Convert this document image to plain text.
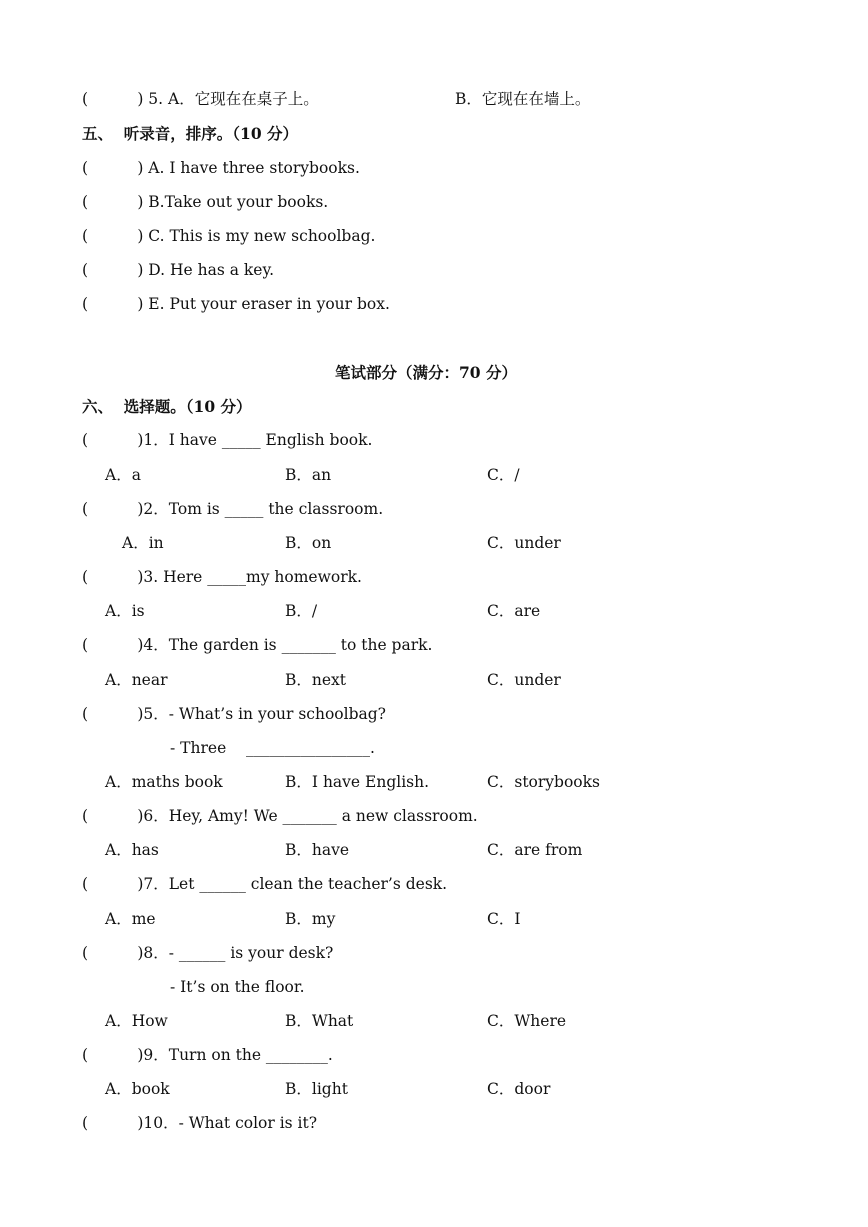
(          ) 5. A．它现在在桌子上。	B．它现在在墙上。
五、  听录音，排序。（10 分）
(          ) A. I have three storybooks.
(          ) B.Take out your books.
(          ) C. This is my new schoolbag.
(          ) D. He has a key.
(          ) E. Put your eraser in your box.
笔试部分（满分：70 分）
六、  选择题。（10 分）
(          )1．I have _____ English book.
A．a	B．an	C．/
(          )2．Tom is _____ the classroom.
A．in	B．on	C．under
(          )3. Here _____my homework.
A．is	B．/	C．are
(          )4．The garden is _______ to the park.
A．near	B．next	C．under
(          )5．- What’s in your schoolbag?
- Three    ________________.
A．maths book	B．I have English.	C．storybooks
(          )6．Hey, Amy! We _______ a new classroom.
A．has	B．have	C．are from
(          )7．Let ______ clean the teacher’s desk.
A．me	B．my	C．I
(          )8．- ______ is your desk?
- It’s on the floor.
A．How	B．What	C．Where
(          )9．Turn on the ________.
A．book	B．light	C．door
(          )10．- What color is it?
